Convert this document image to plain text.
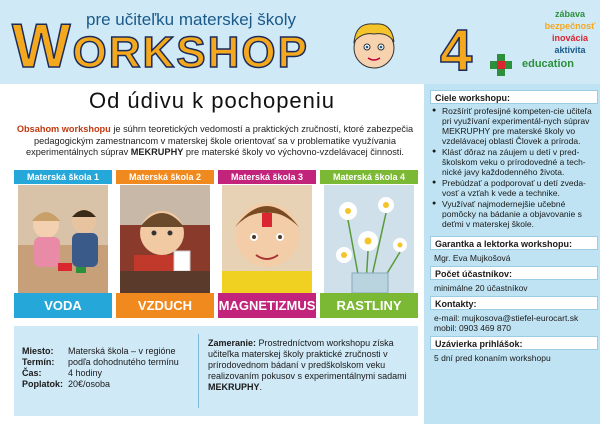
pre učiteľku materskej školy
WORKSHOP 4
zábava
bezpečnosť
inovácia
aktivita
education
Od údivu k pochopeniu
Obsahom workshopu je súhrn teoretických vedomostí a praktických zručností, ktoré zabezpečia pedagogickým zamestnancom v materskej škole orientovať sa v problematike využívania experimentálnych súprav MEKRUPHY pre materské školy vo výchovno-vzdelávacej činnosti.
Materská škola 1
VODA
Materská škola 2
VZDUCH
Materská škola 3
MAGNETIZMUS
Materská škola 4
RASTLINY
Miesto:	Materská škola – v regióne
Termín:	podľa dohodnutého termínu
Čas:	4 hodiny
Poplatok: 20€/osoba
Zameranie: Prostredníctvom workshopu získa učiteľka materskej školy praktické zručnosti v prírodovednom bádaní v predškolskom veku realizovaním pokusov s experimentálnymi sadami MEKRUPHY.
Ciele workshopu:
● Rozšíriť profesijné kompeten-cie učiteľa pri využívaní experimentál-nych súprav MEKRUPHY pre materské školy vo vzdelávacej oblasti Človek a príroda.
● Klásť dôraz na záujem u detí v pred-školskom veku o prírodovedné a tech-nické javy každodenného života.
● Prebúdzať a podporovať u detí zveda-vosť a vzťah k vede a technike.
● Využívať najmodernejšie učebné pomôcky na bádanie a objavovanie s deťmi v materskej škole.
Garantka a lektorka workshopu:
Mgr. Eva Mujkošová
Počet účastníkov:
minimálne 20 účastníkov
Kontakty:
e-mail: mujkosova@stiefel-eurocart.sk
mobil: 0903 469 870
Uzávierka prihlášok:
5 dní pred konaním workshopu
